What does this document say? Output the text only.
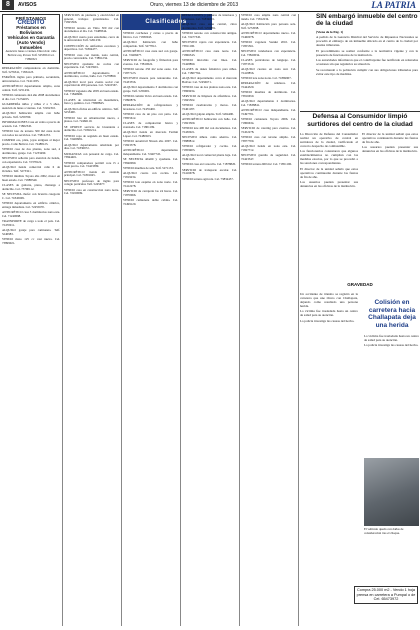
8	AVISOS	Oruro, viernes 13 de diciembre de 2013	LA PATRIA
Clasificados
PRÉSTAMOS
CRÉDITO
Préstamos en Bolivianos
Vehículos en Garantía
(Auto Vendo)
Inmuebles
Atención: lunes a viernes. Dirección: calle Bolívar esq. Potosí. Telf. 5253654 Cel. 71890321

REPARACIÓN computadoras en domicilio. Telf. 5276341, 71834123.

ESPAÑOL inglés para primaria, secundaria, universitarios. Cel. 72411035.

ANTICRÉTICO departamento amplio, zona central. Telf. 5251432.

VENDO camioneta 4x4 año 2008 documentos al día. Cel. 71234455.

GUARDERÍA niños y niñas 2 a 5 años, atención de lunes a viernes. Cel. 72452310.

ALQUILO habitación amplia con baño privado. Telf. 5256790.

INFORMACIONES Casa en venta a precio de ocasión. Cel. 71802345.

VENDO lote de terreno 300 m2 zona norte con todos los servicios. Cel. 73812233.

COMPRO oro, plata, joyas antiguas al mejor precio. Calle Bolívar. Cel. 72488123.

VENDO casa de dos plantas, zona sud, 4 dormitorios, garaje. Cel. 71233490.

NECESITO señorita para atención de tienda, con experiencia. Cel. 72378122.

ALQUILO tienda comercial calle 6 de Octubre. Telf. 5273321.

VENDO minibús Toyota año 2002, motor en buen estado. Cel. 71888340.

CLASES de guitarra, piano, charango a domicilio. Cel. 73790112.

SE NECESITA chofer con licencia categoría C. Cel. 71845609.

VENDO departamento en edificio céntrico, entrega inmediata. Cel. 72455670.

ANTICRÉTICO casa 3 dormitorios zona este. Cel. 71240098.

TRANSPORTE de carga a todo el país. Cel. 72470011.

ALQUILO garaje para camioneta. Telf. 5240983.

VENDO moto 125 cc casi nueva. Cel. 73899021.

SERVICIOS de plomería y electricidad en general, trabajos garantizados. Cel. 71825566.

VENDO terreno en Vinto 500 m2 con documentos al día. Cel. 72488344.

ALQUILO cuarto para estudiante, cerca de la universidad. Telf. 5261230.

CONFECCIÓN de uniformes escolares y deportivos. Cel. 71804477.

VENDO casa con tienda, zona central, precio conversable. Cel. 73891234.

NECESITO ayudante de cocina con experiencia. Cel. 72433901.

ANTICRÉTICO departamento 2 dormitorios, cocina, baño. Cel. 71278890.

ALQUILO local para evento social con capacidad de 200 personas. Cel. 72410567.

VENDO vagoneta año 2005 en buen estado. Cel. 71849900.

CLASES de nivelación en matemática, física y química. Cel. 73808845.

ALQUILO oficina en edificio céntrico. Telf. 5253400.

VENDO lote en urbanización nueva, a plazos. Cel. 72466110.

SE OFRECE servicio de lavandería a domicilio. Cel. 71802214.

VENDO ropa de segunda en buen estado. Cel. 72409981.

ALQUILO departamento amoblado por días. Cel. 71836672.

MUDANZAS con personal de carga. Cel. 73844401.

VENDO computadora portátil core i5 a buen precio. Cel. 72423389.

ANTICRÉTICO tienda en avenida principal. Cel. 71891045.

NECESITO profesora de inglés para colegio particular. Telf. 5245677.

VENDO casa en construcción zona norte. Cel. 72450099.

VENDO colchones y catres a precio de fábrica. Cel. 71830045.

ALQUILO habitación con baño compartido. Telf. 5277812.

ANTICRÉTICO casa zona sud con garaje. Cel. 72406677.

SERVICIO de fotografía y filmación para eventos. Cel. 73810022.

VENDO terreno 250 m2 zona oeste. Cel. 71877123.

NECESITO mesera para restaurante. Cel. 72433556.

ALQUILO departamento 3 dormitorios con garaje. Telf. 5256001.

VENDO camión Volvo en buen estado. Cel. 71890876.

REPARACIÓN de refrigeradores y lavadoras. Cel. 72455400.

VENDO casa de un piso con patio. Cel. 73855612.

CLASES de computación básica y avanzada. Cel. 71801199.

ALQUILO tienda en mercado Fermín López. Cel. 72480023.

VENDO automóvil Nissan año 2007. Cel. 71823378.

ANTICRÉTICO departamento independiente. Cel. 72467745.

SE NECESITA albañil y ayudante. Cel. 73840090.

VENDO muebles de sala. Telf. 5271133.

ALQUILO cuarto con cocina. Cel. 71819234.

VENDO lote esquina en zona norte. Cel. 72412278.

SERVICIO de cerrajería las 24 horas. Cel. 71870066.

VENDO camioneta doble cabina. Cel. 72499120.

REFACCIONES y pinturas de interiores y exteriores. Cel. 71834001.

ALQUILO casa zona central, cinco dormitorios. Telf. 5250881.

VENDO terreno con construcción antigua. Cel. 72477345.

NECESITO cajera con experiencia. Cel. 73811190.

ANTICRÉTICO casa zona norte. Cel. 71866543.

VENDO microbús con línea. Cel. 72428890.

CLASES de danza folklórica para niños. Cel. 71807762.

ALQUILO departamento cerca al mercado Bolívar. Cel. 72456671.

VENDO casa de dos plantas zona este. Cel. 73869934.

SERVICIO de limpieza de alfombras. Cel. 71845502.

VENDO cuadratracks y motos. Cel. 72401187.

ALQUILO galpón amplio. Telf. 5264490.

ANTICRÉTICO habitación con baño. Cel. 71823309.

VENDO lote 400 m2 con documentos. Cel. 72430021.

NECESITO niñera cama adentro. Cel. 73888812.

VENDO refrigerador y cocina. Cel. 71859903.

ALQUILO local comercial planta baja. Cel. 72491145.

VENDO casa en Caracollo. Cel. 71878820.

SERVICIO de transporte escolar. Cel. 72416678.

VENDO terreno agrícola. Cel. 73834457.

VENDO casa amplia zona central con tienda. Cel. 71812234.

ALQUILO habitación para persona sola. Telf. 5272098.

ANTICRÉTICO departamento nuevo. Cel. 72460078.

VENDO vagoneta Suzuki 2010. Cel. 71855561.

NECESITO vendedores con experiencia. Cel. 73820034.

CLASES particulares de lenguaje. Cel. 71873319.

ALQUILO cuartos en zona sud. Cel. 72418856.

VENDO lote zona norte. Cel. 71869907.

REPARACIÓN de celulares. Cel. 72444320.

VENDO muebles de dormitorio. Cel. 73816650.

ALQUILO departamento 2 dormitorios. Cel. 71838841.

ANTICRÉTICO casa independiente. Cel. 72497701.

VENDO camioneta Toyota 2006. Cel. 71806634.

SERVICIO de catering para eventos. Cel. 72452278.

VENDO casa con terreno amplio. Cel. 73877709.

ALQUILO tienda en zona este. Cel. 71827712.

NECESITO guardia de seguridad. Cel. 72423347.

VENDO terreno 600 m2. Cel. 71851190.

SIN embargó inmueble del centro de la ciudad

(Viene de la Pág. 1)

A pedido de la Gerencia Distrital del Servicio de Impuestos Nacionales se procedió al embargo de un inmueble ubicado en el centro de la ciudad por deudas tributarias.

El procedimiento se realizó conforme a la normativa vigente y con la presencia de funcionarios de la institución.

Las autoridades informaron que el contribuyente fue notificado en reiteradas ocasiones sin que regularice su situación.

Se recomendó a la población cumplir con sus obligaciones tributarias para evitar este tipo de medidas.

Defensa al Consumidor limpió surtidores del centro de la ciudad

La Dirección de Defensa del Consumidor realizó un operativo de control en surtidores de la ciudad, verificando el correcto despacho de combustible.

Los funcionarios constataron que algunos establecimientos no cumplían con las medidas exactas, por lo que se procedió a las sanciones correspondientes.

El director de la unidad señaló que estos operativos continuarán durante las fiestas de fin de año.

Los usuarios pueden presentar sus denuncias en las oficinas de la institución.

El director de la unidad señaló que estos operativos continuarán durante las fiestas de fin de año.

Los usuarios pueden presentar sus denuncias en las oficinas de la institución.

GRAVEDAD

Un accidente de tránsito se registró en la carretera que une Oruro con Challapata, dejando como resultado una persona herida.

La víctima fue trasladada hasta un centro de salud para su atención.

La policía investiga las causas del hecho.

Colisión en carretera hacia Challapata deja una herida

La víctima fue trasladada hasta un centro de salud para su atención.

La policía investiga las causas del hecho.

El vehículo quedó con daños de consideración tras el choque.
Compra 25.000 m2 - Vendo 1 hoja prensa en carretera a Pumpal o de Cel. 65473972
